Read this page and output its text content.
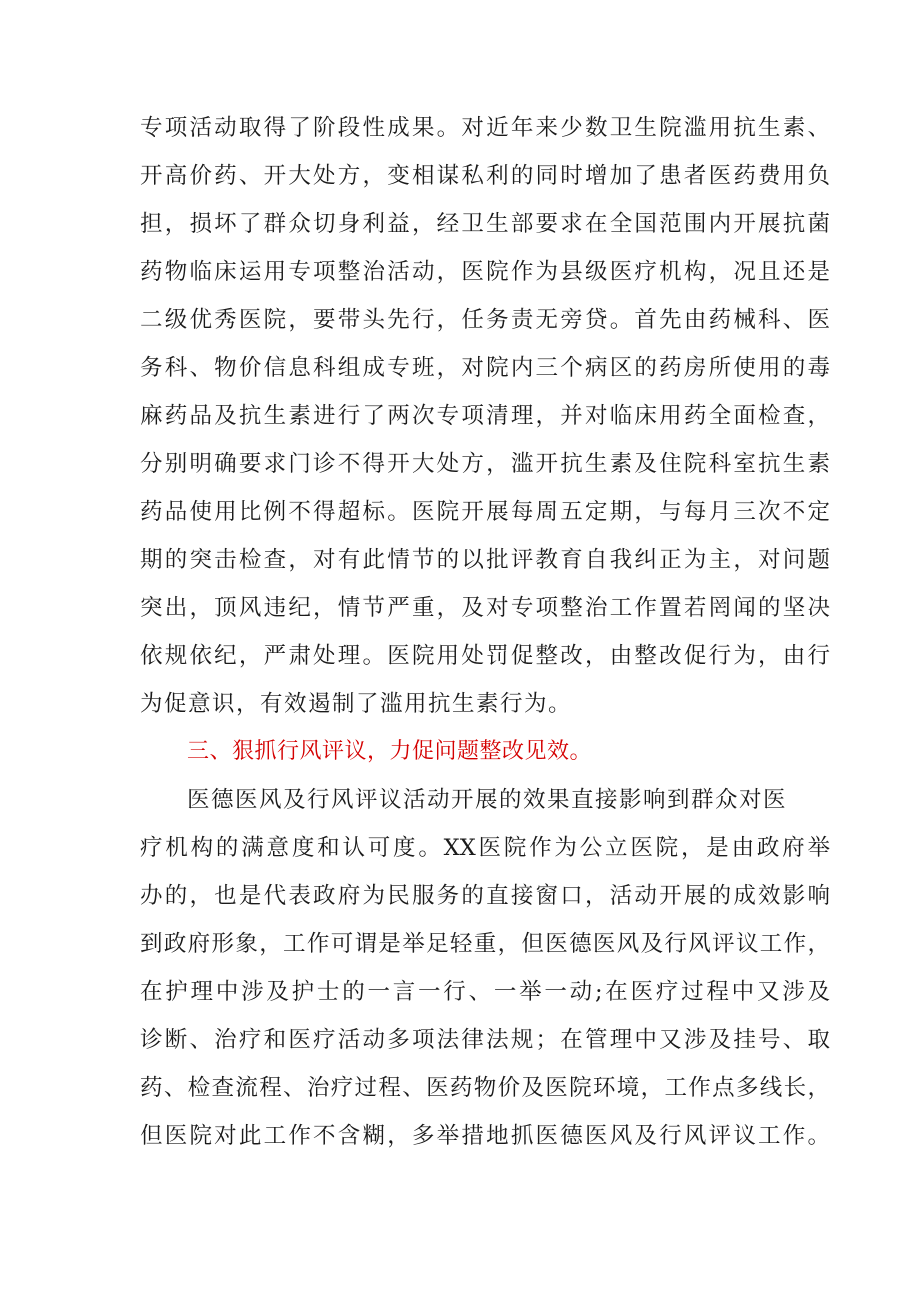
专项活动取得了阶段性成果。对近年来少数卫生院滥用抗生素、
开高价药、开大处方，变相谋私利的同时增加了患者医药费用负
担，损坏了群众切身利益，经卫生部要求在全国范围内开展抗菌
药物临床运用专项整治活动，医院作为县级医疗机构，况且还是
二级优秀医院，要带头先行，任务责无旁贷。首先由药械科、医
务科、物价信息科组成专班，对院内三个病区的药房所使用的毒
麻药品及抗生素进行了两次专项清理，并对临床用药全面检查，
分别明确要求门诊不得开大处方，滥开抗生素及住院科室抗生素
药品使用比例不得超标。医院开展每周五定期，与每月三次不定
期的突击检查，对有此情节的以批评教育自我纠正为主，对问题
突出，顶风违纪，情节严重，及对专项整治工作置若罔闻的坚决
依规依纪，严肃处理。医院用处罚促整改，由整改促行为，由行
为促意识，有效遏制了滥用抗生素行为。
三、狠抓行风评议，力促问题整改见效。
医德医风及行风评议活动开展的效果直接影响到群众对医
疗机构的满意度和认可度。XX医院作为公立医院，是由政府举
办的，也是代表政府为民服务的直接窗口，活动开展的成效影响
到政府形象，工作可谓是举足轻重，但医德医风及行风评议工作，
在护理中涉及护士的一言一行、一举一动;在医疗过程中又涉及
诊断、治疗和医疗活动多项法律法规；在管理中又涉及挂号、取
药、检查流程、治疗过程、医药物价及医院环境，工作点多线长，
但医院对此工作不含糊，多举措地抓医德医风及行风评议工作。
